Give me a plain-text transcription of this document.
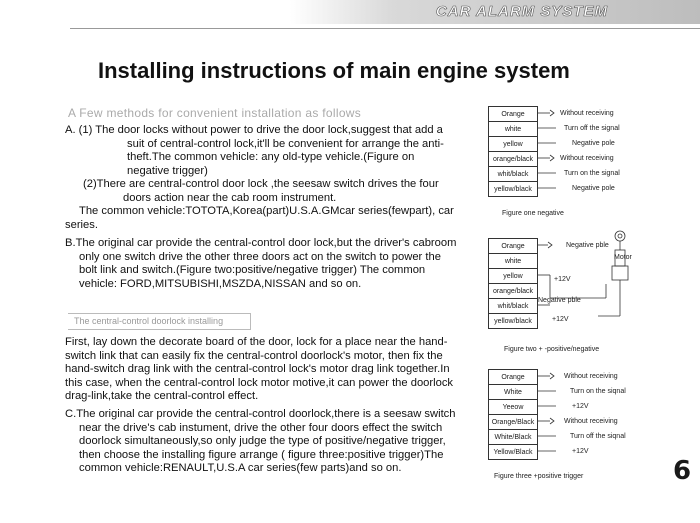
CAR ALARM SYSTEM
Installing instructions of main engine system
A Few methods for convenient installation as follows

A. (1) The door locks without power to drive the door lock,suggest that add a suit of central-control lock,it'll be convenient for arrange the anti-theft.The common vehicle: any old-type vehicle.(Figure on negative trigger)

(2)There are central-control door lock ,the seesaw switch drives the four doors action near the cab room instrument.

The common vehicle:TOTOTA,Korea(part)U.S.A.GMcar series(fewpart), car series.

B.The original car provide the central-control door lock,but the driver's cabroom only one switch drive the other three doors act on the switch to power the bolt link and switch.(Figure two:positive/negative trigger) The common vehicle: FORD,MITSUBISHI,MSZDA,NISSAN and so on.

The central-control doorlock installing

First, lay down the decorate board of the door, lock for a place near the hand-switch link that can easily fix the central-control doorlock's motor, then fix the hand-switch drag link with the central-control lock's motor drag link together.In this case, when the central-control lock motor motive,it can power the doorlock drag-link,take the central-control effect.

C.The original car provide the central-control doorlock,there is a seesaw switch near the drive's cab instument, drive the other four doors effect the switch doorlock simultaneously,so only judge the type of positive/negative trigger, then choose the installing figure arrange ( figure three:positive trigger)The common vehicle:RENAULT,U.S.A car series(few parts)and so on.

Orange
white
yellow
orange/black
whit/black
yellow/black
Without receiving
Turn off the signal
Negative pole
Without receiving
Turn on the signal
Negative pole
Figure one negative
Orange
white
yellow
orange/black
whit/black
yellow/black
Negative pble
Motor
+12V
Negative pble
+12V
Figure two + -positive/negative
Orange
White
Yeeow
Orange/Black
White/Black
Yellow/Black
Without receiving
Turn on the siqnal
+12V
Without receiving
Turn off the siqnal
+12V
Figure three +positive trigger	6
